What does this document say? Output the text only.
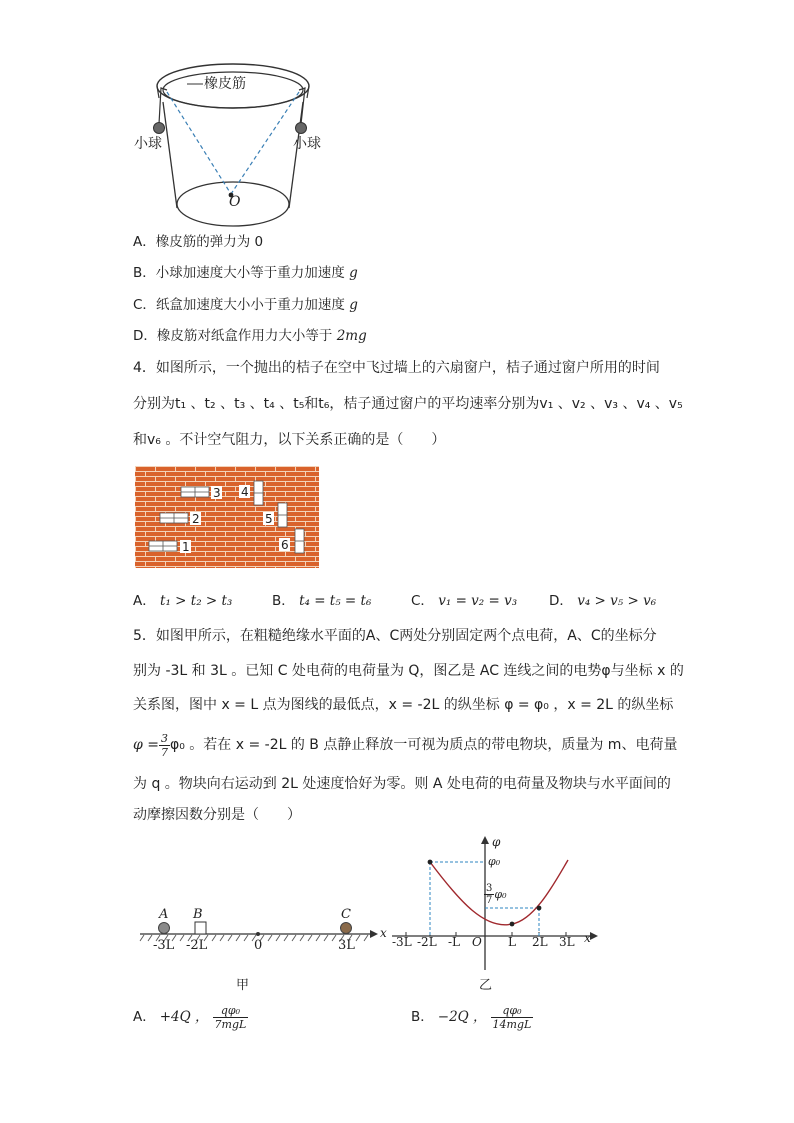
橡皮筋
小球	小球
O
A．橡皮筋的弹力为 0
B．小球加速度大小等于重力加速度 g
C．纸盒加速度大小小于重力加速度 g
D．橡皮筋对纸盒作用力大小等于 2mg
4．如图所示，一个抛出的桔子在空中飞过墙上的六扇窗户，桔子通过窗户所用的时间
分别为t₁ 、t₂ 、t₃ 、t₄ 、t₅和t₆，桔子通过窗户的平均速率分别为v₁ 、v₂ 、v₃ 、v₄ 、v₅
和v₆ 。不计空气阻力，以下关系正确的是（　　）
3
2
1
4
5
6
A． t₁ > t₂ > t₃	B． t₄ = t₅ = t₆	C． v₁ = v₂ = v₃ D． v₄ > v₅ > v₆
5．如图甲所示，在粗糙绝缘水平面的A、C两处分别固定两个点电荷，A、C的坐标分
别为 -3L 和 3L 。已知 C 处电荷的电荷量为 Q，图乙是 AC 连线之间的电势φ与坐标 x 的
关系图，图中 x = L 点为图线的最低点，x = -2L 的纵坐标 φ = φ₀ ，x = 2L 的纵坐标
$\varphi = \frac{3}{7} \varphi_0$ 。若在 x = -2L 的 B 点静止释放一可视为质点的带电物块，质量为 m、电荷量
为 q 。物块向右运动到 2L 处速度恰好为零。则 A 处电荷的电荷量及物块与水平面间的
动摩擦因数分别是（　　）
A B	C
x
-3L -2L	0	3L
甲
φ
φ₀
$\frac{3}{7} \varphi_0$
x
O
-3L -2L -L	L 2L 3L
乙
A． +4Q ， $\frac{\text{qφ₀}}{\text{7mgL}}$	B． −2Q ， $\frac{\text{qφ₀}}{\text{14mgL}}$
